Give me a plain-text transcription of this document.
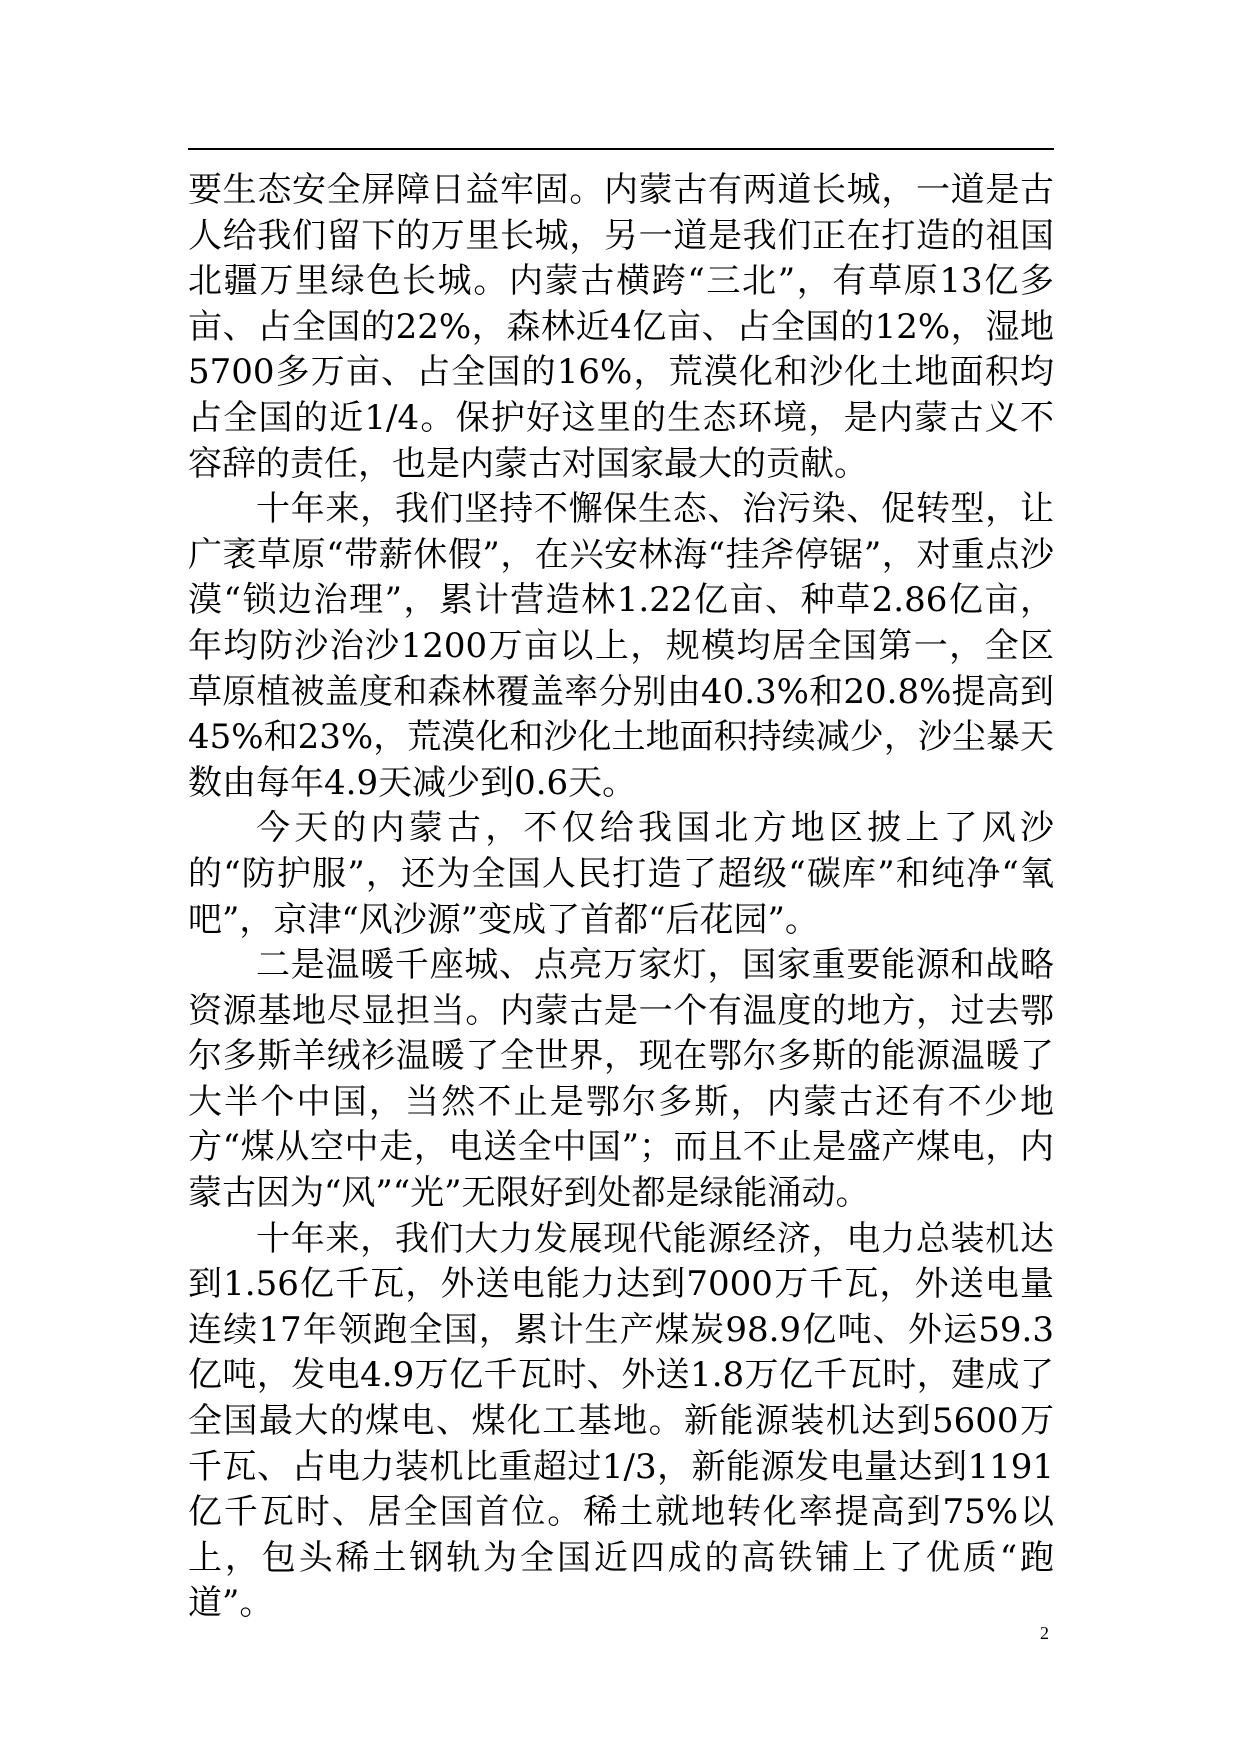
要生态安全屏障日益牢固。内蒙古有两道长城，一道是古人给我们留下的万里长城，另一道是我们正在打造的祖国北疆万里绿色长城。内蒙古横跨“三北”，有草原13亿多亩、占全国的22%，森林近4亿亩、占全国的12%，湿地5700多万亩、占全国的16%，荒漠化和沙化土地面积均占全国的近1/4。保护好这里的生态环境，是内蒙古义不容辞的责任，也是内蒙古对国家最大的贡献。

十年来，我们坚持不懈保生态、治污染、促转型，让广袤草原“带薪休假”，在兴安林海“挂斧停锯”，对重点沙漠“锁边治理”，累计营造林1.22亿亩、种草2.86亿亩，年均防沙治沙1200万亩以上，规模均居全国第一，全区草原植被盖度和森林覆盖率分别由40.3%和20.8%提高到45%和23%，荒漠化和沙化土地面积持续减少，沙尘暴天数由每年4.9天减少到0.6天。

今天的内蒙古，不仅给我国北方地区披上了风沙的“防护服”，还为全国人民打造了超级“碳库”和纯净“氧吧”，京津“风沙源”变成了首都“后花园”。

二是温暖千座城、点亮万家灯，国家重要能源和战略资源基地尽显担当。内蒙古是一个有温度的地方，过去鄂尔多斯羊绒衫温暖了全世界，现在鄂尔多斯的能源温暖了大半个中国，当然不止是鄂尔多斯，内蒙古还有不少地方“煤从空中走，电送全中国”；而且不止是盛产煤电，内蒙古因为“风”“光”无限好到处都是绿能涌动。

十年来，我们大力发展现代能源经济，电力总装机达到1.56亿千瓦，外送电能力达到7000万千瓦，外送电量连续17年领跑全国，累计生产煤炭98.9亿吨、外运59.3亿吨，发电4.9万亿千瓦时、外送1.8万亿千瓦时，建成了全国最大的煤电、煤化工基地。新能源装机达到5600万千瓦、占电力装机比重超过1/3，新能源发电量达到1191亿千瓦时、居全国首位。稀土就地转化率提高到75%以上，包头稀土钢轨为全国近四成的高铁铺上了优质“跑道”。

2
